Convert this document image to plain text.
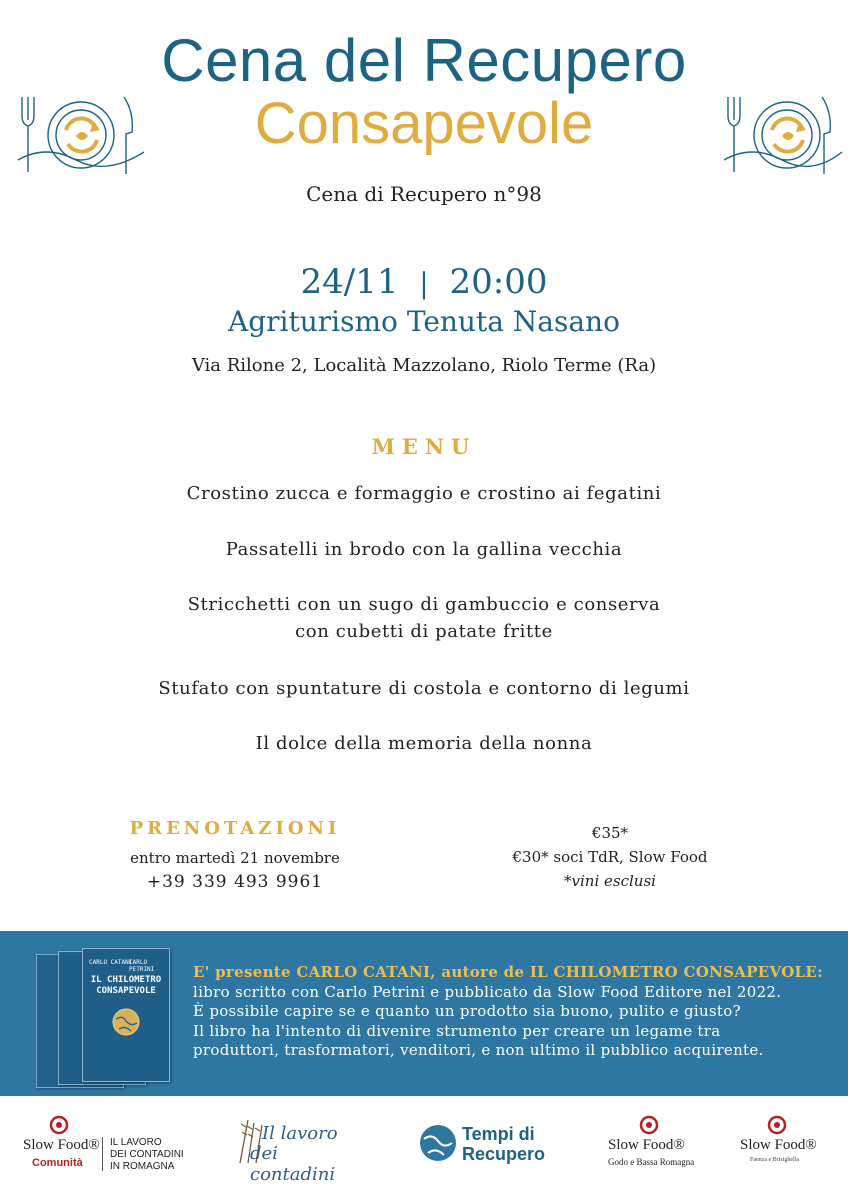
Cena del Recupero
Consapevole
Cena di Recupero n°98
24/11 | 20:00
Agriturismo Tenuta Nasano
Via Rilone 2, Località Mazzolano, Riolo Terme (Ra)
MENU
Crostino zucca e formaggio e crostino ai fegatini
Passatelli in brodo con la gallina vecchia
Stricchetti con un sugo di gambuccio e conserva
con cubetti di patate fritte
Stufato con spuntature di costola e contorno di legumi
Il dolce della memoria della nonna
PRENOTAZIONI
entro martedì 21 novembre
+39 339 493 9961
€35*
€30* soci TdR, Slow Food
*vini esclusi
CARLO CATANI
CARLO PETRINI
IL CHILOMETRO CONSAPEVOLE
E' presente CARLO CATANI, autore de IL CHILOMETRO CONSAPEVOLE:
libro scritto con Carlo Petrini e pubblicato da Slow Food Editore nel 2022.
È possibile capire se e quanto un prodotto sia buono, pulito e giusto?
Il libro ha l'intento di divenire strumento per creare un legame tra
produttori, trasformatori, venditori, e non ultimo il pubblico acquirente.
Slow Food®
Comunità
IL LAVORO
DEI CONTADINI
IN ROMAGNA
Il lavoro
dei contadini
Tempi di
Recupero	Slow Food®
Godo e Bassa Romagna
Slow Food®
Faenza e Brisighella
